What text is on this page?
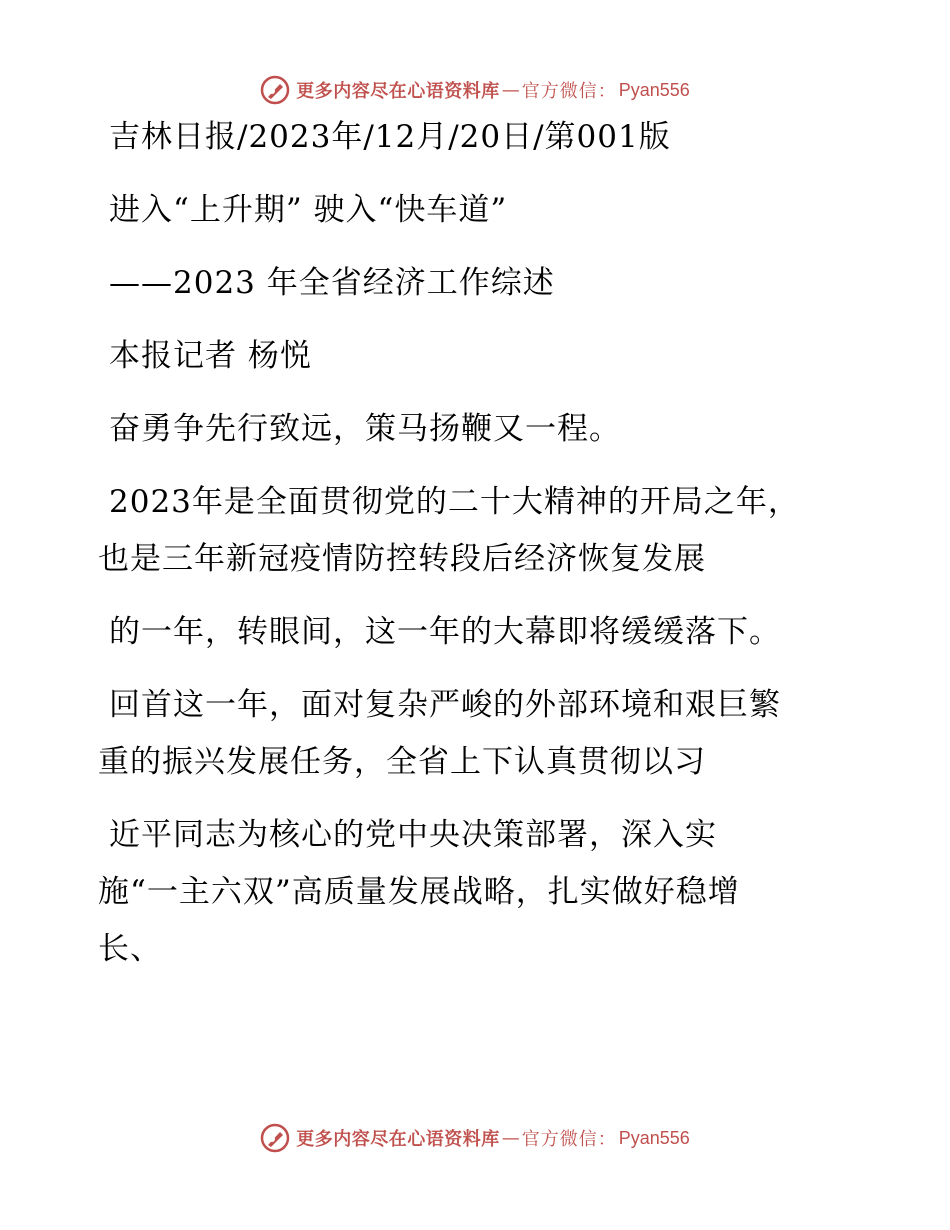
更多内容尽在心语资料库 — 官方微信： Pyan556
吉林日报/2023年/12月/20日/第001版
进入“上升期” 驶入“快车道”
——2023 年全省经济工作综述
本报记者 杨悦
奋勇争先行致远，策马扬鞭又一程。
2023年是全面贯彻党的二十大精神的开局之年，
也是三年新冠疫情防控转段后经济恢复发展
的一年，转眼间，这一年的大幕即将缓缓落下。
回首这一年，面对复杂严峻的外部环境和艰巨繁
重的振兴发展任务，全省上下认真贯彻以习
近平同志为核心的党中央决策部署，深入实
施“一主六双”高质量发展战略，扎实做好稳增
长、
更多内容尽在心语资料库 — 官方微信： Pyan556
